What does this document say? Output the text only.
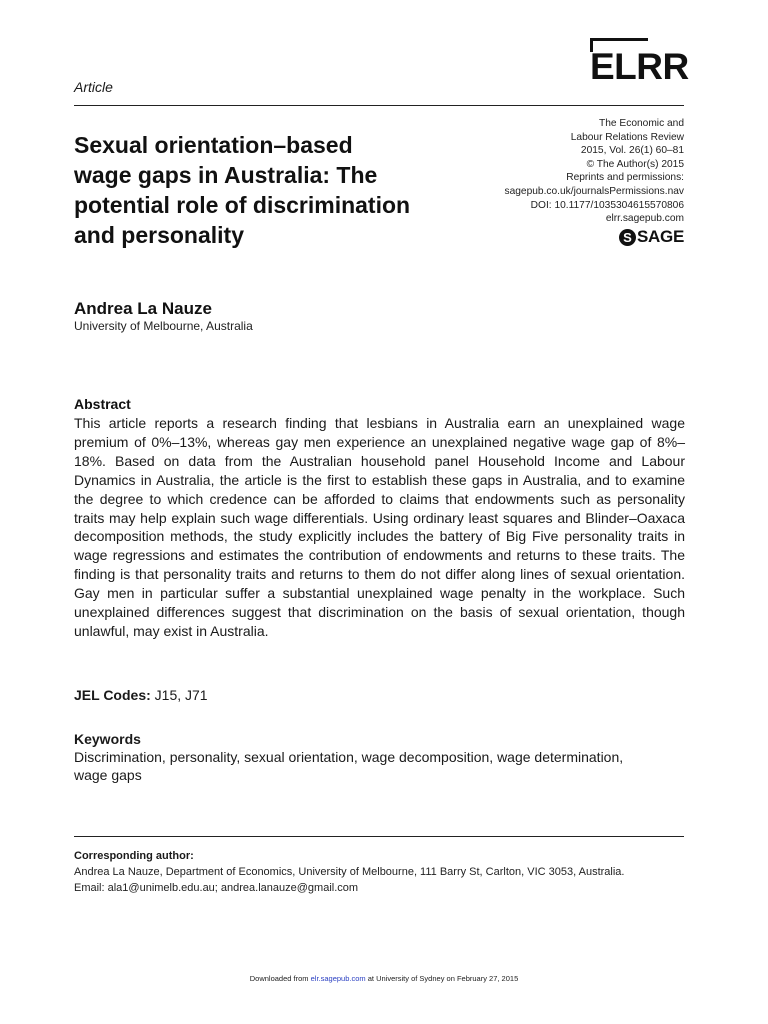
Article	ELRR
Sexual orientation–based
wage gaps in Australia: The
potential role of discrimination
and personality
The Economic and
Labour Relations Review
2015, Vol. 26(1) 60–81
© The Author(s) 2015
Reprints and permissions:
sagepub.co.uk/journalsPermissions.nav
DOI: 10.1177/1035304615570806
elrr.sagepub.com
S SAGE
Andrea La Nauze
University of Melbourne, Australia
Abstract
This article reports a research finding that lesbians in Australia earn an unexplained wage premium of 0%–13%, whereas gay men experience an unexplained negative wage gap of 8%–18%. Based on data from the Australian household panel Household Income and Labour Dynamics in Australia, the article is the first to establish these gaps in Australia, and to examine the degree to which credence can be afforded to claims that endowments such as personality traits may help explain such wage differentials. Using ordinary least squares and Blinder–Oaxaca decomposition methods, the study explicitly includes the battery of Big Five personality traits in wage regressions and estimates the contribution of endowments and returns to these traits. The finding is that personality traits and returns to them do not differ along lines of sexual orientation. Gay men in particular suffer a substantial unexplained wage penalty in the workplace. Such unexplained differences suggest that discrimination on the basis of sexual orientation, though unlawful, may exist in Australia.
JEL Codes: J15, J71
Keywords
Discrimination, personality, sexual orientation, wage decomposition, wage determination, wage gaps
Corresponding author:
Andrea La Nauze, Department of Economics, University of Melbourne, 111 Barry St, Carlton, VIC 3053, Australia.
Email: ala1@unimelb.edu.au; andrea.lanauze@gmail.com
Downloaded from elr.sagepub.com at University of Sydney on February 27, 2015
